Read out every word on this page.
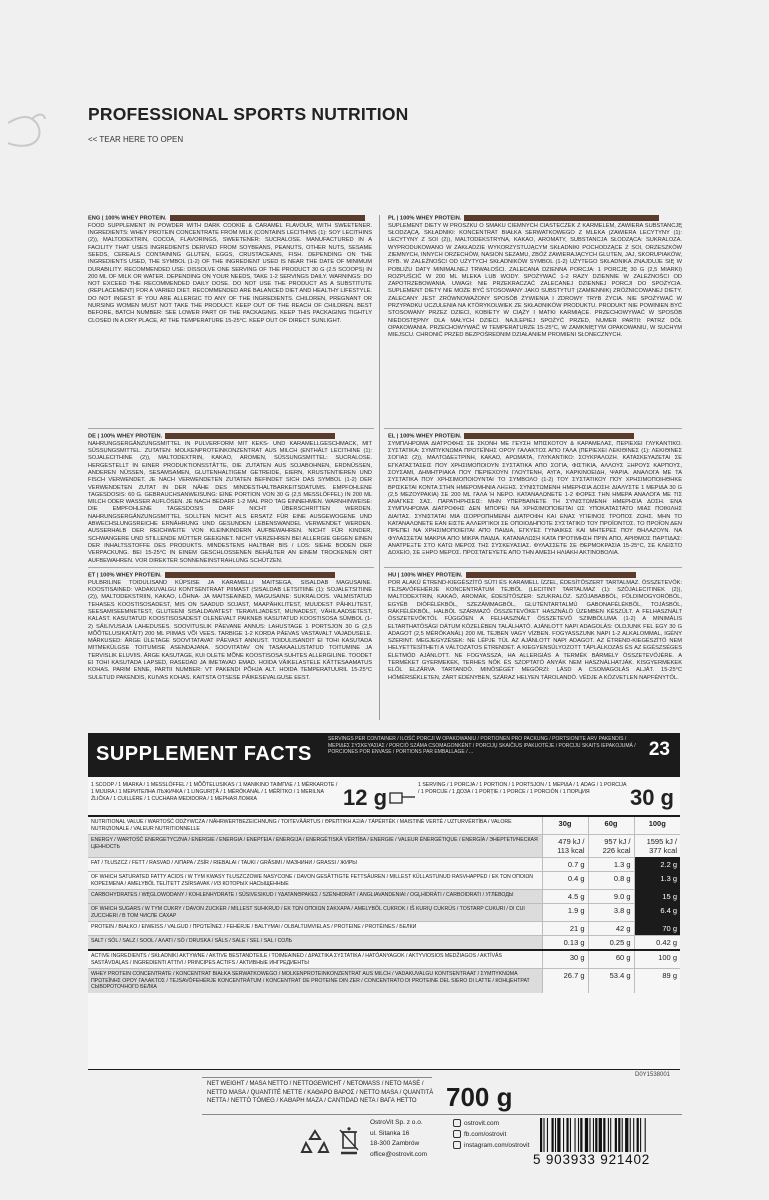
PROFESSIONAL SPORTS NUTRITION
<< TEAR HERE TO OPEN
ENG | 100% WHEY PROTEIN.
FOOD SUPPLEMENT IN POWDER WITH DARK COOKIE & CARAMEL FLAVOUR, WITH SWEETENER. INGREDIENTS: WHEY PROTEIN CONCENTRATE FROM MILK (CONTAINS LECITHINS (1): SOY LECITHINS (2)), MALTODEXTRIN, COCOA, FLAVORINGS, SWEETENER: SUCRALOSE. MANUFACTURED IN A FACILITY THAT USES INGREDIENTS DERIVED FROM SOYBEANS, PEANUTS, OTHER NUTS, SESAME SEEDS, CEREALS CONTAINING GLUTEN, EGGS, CRUSTACEANS, FISH. DEPENDING ON THE INGREDIENTS USED, THE SYMBOL (1-2) OF THE INGREDIENT USED IS NEAR THE DATE OF MINIMUM DURABILITY. RECOMMENDED USE: DISSOLVE ONE SERVING OF THE PRODUCT 30 G (2.5 SCOOPS) IN 200 ML OF MILK OR WATER. DEPENDING ON YOUR NEEDS, TAKE 1-2 SERVINGS DAILY. WARNINGS: DO NOT EXCEED THE RECOMMENDED DAILY DOSE. DO NOT USE THE PRODUCT AS A SUBSTITUTE (REPLACEMENT) FOR A VARIED DIET. RECOMMENDED ARE BALANCED DIET AND HEALTHY LIFESTYLE. DO NOT INGEST IF YOU ARE ALLERGIC TO ANY OF THE INGREDIENTS. CHILDREN, PREGNANT OR NURSING WOMEN MUST NOT TAKE THE PRODUCT. KEEP OUT OF THE REACH OF CHILDREN. BEST BEFORE, BATCH NUMBER: SEE LOWER PART OF THE PACKAGING. KEEP THIS PACKAGING TIGHTLY CLOSED IN A DRY PLACE, AT THE TEMPERATURE 15-25°C. KEEP OUT OF DIRECT SUNLIGHT.
PL | 100% WHEY PROTEIN.
SUPLEMENT DIETY W PROSZKU O SMAKU CIEMNYCH CIASTECZEK Z KARMELEM, ZAWIERA SUBSTANCJĘ SŁODZĄCĄ. SKŁADNIKI: KONCENTRAT BIAŁKA SERWATKOWEGO Z MLEKA (ZAWIERA LECYTYNY (1): LECYTYNY Z SOI (2)), MALTODEKSTRYNA, KAKAO, AROMATY, SUBSTANCJA SŁODZĄCA: SUKRALOZA. WYPRODUKOWANO W ZAKŁADZIE WYKORZYSTUJĄCYM SKŁADNIKI POCHODZĄCE Z SOI, ORZESZKÓW ZIEMNYCH, INNYCH ORZECHÓW, NASION SEZAMU, ZBÓŻ ZAWIERAJĄCYCH GLUTEN, JAJ, SKORUPIAKÓW, RYB. W ZALEŻNOŚCI OD UŻYTYCH SKŁADNIKÓW SYMBOL (1-2) UŻYTEGO SKŁADNIKA ZNAJDUJE SIĘ W POBLIŻU DATY MINIMALNEJ TRWAŁOŚCI. ZALECANA DZIENNA PORCJA: 1 PORCJĘ 30 G (2,5 MIARKI) ROZPUŚCIĆ W 200 ML MLEKA LUB WODY. SPOŻYWAĆ 1-2 RAZY DZIENNIE W ZALEŻNOŚCI OD ZAPOTRZEBOWANIA. UWAGI: NIE PRZEKRACZAĆ ZALECANEJ DZIENNEJ PORCJI DO SPOŻYCIA. SUPLEMENT DIETY NIE MOŻE BYĆ STOSOWANY JAKO SUBSTYTUT (ZAMIENNIK) ZRÓŻNICOWANEJ DIETY. ZALECANY JEST ZRÓWNOWAŻONY SPOSÓB ŻYWIENIA I ZDROWY TRYB ŻYCIA. NIE SPOŻYWAĆ W PRZYPADKU UCZULENIA NA KTÓRYKOLWIEK ZE SKŁADNIKÓW PRODUKTU. PRODUKT NIE POWINIEN BYĆ STOSOWANY PRZEZ DZIECI, KOBIETY W CIĄŻY I MATKI KARMIĄCE. PRZECHOWYWAĆ W SPOSÓB NIEDOSTĘPNY DLA MAŁYCH DZIECI. NAJLEPIEJ SPOŻYĆ PRZED, NUMER PARTII: PATRZ DÓŁ OPAKOWANIA. PRZECHOWYWAĆ W TEMPERATURZE 15-25°C, W ZAMKNIĘTYM OPAKOWANIU, W SUCHYM MIEJSCU. CHRONIĆ PRZED BEZPOŚREDNIM DZIAŁANIEM PROMIENI SŁONECZNYCH.
DE | 100% WHEY PROTEIN.
NAHRUNGSERGÄNZUNGSMITTEL IN PULVERFORM MIT KEKS- UND KARAMELLGESCHMACK, MIT SÜSSUNGSMITTEL. ZUTATEN: MOLKENPROTEINKONZENTRAT AUS MILCH (ENTHÄLT LECITHINE (1): SOJALECITHINE (2)), MALTODEXTRIN, KAKAO, AROMEN, SÜSSUNGSMITTEL: SUCRALOSE. HERGESTELLT IN EINER PRODUKTIONSSTÄTTE, DIE ZUTATEN AUS SOJABOHNEN, ERDNÜSSEN, ANDEREN NÜSSEN, SESAMSAMEN, GLUTENHALTIGEM GETREIDE, EIERN, KRUSTENTIEREN UND FISCH VERWENDET. JE NACH VERWENDETEN ZUTATEN BEFINDET SICH DAS SYMBOL (1-2) DER VERWENDETEN ZUTAT IN DER NÄHE DES MINDESTHALTBARKEITSDATUMS. EMPFOHLENE TAGESDOSIS: 60 G. GEBRAUCHSANWEISUNG: EINE PORTION VON 30 G (2,5 MESSLÖFFEL) IN 200 ML MILCH ODER WASSER AUFLÖSEN. JE NACH BEDARF 1-2 MAL PRO TAG EINNEHMEN. WARNHINWEISE: DIE EMPFOHLENE TAGESDOSIS DARF NICHT ÜBERSCHRITTEN WERDEN. NAHRUNGSERGÄNZUNGSMITTEL SOLLTEN NICHT ALS ERSATZ FÜR EINE AUSGEWOGENE UND ABWECHSLUNGSREICHE ERNÄHRUNG UND GESUNDEN LEBENSWANDEL VERWENDET WERDEN. AUSSERHALB DER REICHWEITE VON KLEINKINDERN AUFBEWAHREN. NICHT FÜR KINDER, SCHWANGERE UND STILLENDE MÜTTER GEEIGNET. NICHT VERZEHREN BEI ALLERGIE GEGEN EINEN DER INHALTSSTOFFE DES PRODUKTS. MINDESTENS HALTBAR BIS / LOS: SIEHE BODEN DER VERPACKUNG. BEI 15-25°C IN EINEM GESCHLOSSENEN BEHÄLTER AN EINEM TROCKENEN ORT AUFBEWAHREN. VOR DIREKTER SONNENEINSTRAHLUNG SCHÜTZEN.
EL | 100% WHEY PROTEIN.
ΣΥΜΠΛΗΡΩΜΑ ΔΙΑΤΡΟΦΗΣ ΣΕ ΣΚΟΝΗ ΜΕ ΓΕΥΣΗ ΜΠΙΣΚΟΤΟΥ & ΚΑΡΑΜΕΛΑΣ, ΠΕΡΙΕΧΕΙ ΓΛΥΚΑΝΤΙΚΟ. ΣΥΣΤΑΤΙΚΑ: ΣΥΜΠΥΚΝΩΜΑ ΠΡΩΤΕΪΝΗΣ ΟΡΟΥ ΓΑΛΑΚΤΟΣ ΑΠΟ ΓΑΛΑ (ΠΕΡΙΕΧΕΙ ΛΕΚΙΘΙΝΕΣ (1): ΛΕΚΙΘΙΝΕΣ ΣΟΓΙΑΣ (2)), ΜΑΛΤΟΔΕΞΤΡΙΝΗ, ΚΑΚΑΟ, ΑΡΩΜΑΤΑ, ΓΛΥΚΑΝΤΙΚΟ: ΣΟΥΚΡΑΛΟΖΗ. ΚΑΤΑΣΚΕΥΑΖΕΤΑΙ ΣΕ ΕΓΚΑΤΑΣΤΑΣΕΙΣ ΠΟΥ ΧΡΗΣΙΜΟΠΟΙΟΥΝ ΣΥΣΤΑΤΙΚΑ ΑΠΟ ΣΟΓΙΑ, ΦΙΣΤΙΚΙΑ, ΑΛΛΟΥΣ ΞΗΡΟΥΣ ΚΑΡΠΟΥΣ, ΣΟΥΣΑΜΙ, ΔΗΜΗΤΡΙΑΚΑ ΠΟΥ ΠΕΡΙΕΧΟΥΝ ΓΛΟΥΤΕΝΗ, ΑΥΓΑ, ΚΑΡΚΙΝΟΕΙΔΗ, ΨΑΡΙΑ. ΑΝΑΛΟΓΑ ΜΕ ΤΑ ΣΥΣΤΑΤΙΚΑ ΠΟΥ ΧΡΗΣΙΜΟΠΟΙΟΥΝΤΑΙ ΤΟ ΣΥΜΒΟΛΟ (1-2) ΤΟΥ ΣΥΣΤΑΤΙΚΟΥ ΠΟΥ ΧΡΗΣΙΜΟΠΟΙΗΘΗΚΕ ΒΡΙΣΚΕΤΑΙ ΚΟΝΤΑ ΣΤΗΝ ΗΜΕΡΟΜΗΝΙΑ ΛΗΞΗΣ. ΣΥΝΙΣΤΩΜΕΝΗ ΗΜΕΡΗΣΙΑ ΔΟΣΗ: ΔΙΑΛΥΣΤΕ 1 ΜΕΡΙΔΑ 30 G (2,5 ΜΕΖΟΥΡΑΚΙΑ) ΣΕ 200 ML ΓΑΛΑ Ή ΝΕΡΟ. ΚΑΤΑΝΑΛΩΝΕΤΕ 1-2 ΦΟΡΕΣ ΤΗΝ ΗΜΕΡΑ ΑΝΑΛΟΓΑ ΜΕ ΤΙΣ ΑΝΑΓΚΕΣ ΣΑΣ. ΠΑΡΑΤΗΡΗΣΕΙΣ: ΜΗΝ ΥΠΕΡΒΑΙΝΕΤΕ ΤΗ ΣΥΝΙΣΤΩΜΕΝΗ ΗΜΕΡΗΣΙΑ ΔΟΣΗ. ΕΝΑ ΣΥΜΠΛΗΡΩΜΑ ΔΙΑΤΡΟΦΗΣ ΔΕΝ ΜΠΟΡΕΙ ΝΑ ΧΡΗΣΙΜΟΠΟΙΕΙΤΑΙ ΩΣ ΥΠΟΚΑΤΑΣΤΑΤΟ ΜΙΑΣ ΠΟΙΚΙΛΗΣ ΔΙΑΙΤΑΣ. ΣΥΝΙΣΤΑΤΑΙ ΜΙΑ ΙΣΟΡΡΟΠΗΜΕΝΗ ΔΙΑΤΡΟΦΗ ΚΑΙ ΕΝΑΣ ΥΓΙΕΙΝΟΣ ΤΡΟΠΟΣ ΖΩΗΣ. ΜΗΝ ΤΟ ΚΑΤΑΝΑΛΩΝΕΤΕ ΕΑΝ ΕΙΣΤΕ ΑΛΛΕΡΓΙΚΟΙ ΣΕ ΟΠΟΙΟΔΗΠΟΤΕ ΣΥΣΤΑΤΙΚΟ ΤΟΥ ΠΡΟΪΟΝΤΟΣ. ΤΟ ΠΡΟΪΟΝ ΔΕΝ ΠΡΕΠΕΙ ΝΑ ΧΡΗΣΙΜΟΠΟΙΕΙΤΑΙ ΑΠΟ ΠΑΙΔΙΑ, ΕΓΚΥΕΣ ΓΥΝΑΙΚΕΣ ΚΑΙ ΜΗΤΕΡΕΣ ΠΟΥ ΘΗΛΑΖΟΥΝ. ΝΑ ΦΥΛΑΣΣΕΤΑΙ ΜΑΚΡΙΑ ΑΠΟ ΜΙΚΡΑ ΠΑΙΔΙΑ. ΚΑΤΑΝΑΛΩΣΗ ΚΑΤΑ ΠΡΟΤΙΜΗΣΗ ΠΡΙΝ ΑΠΟ, ΑΡΙΘΜΟΣ ΠΑΡΤΙΔΑΣ: ΑΝΑΤΡΕΞΤΕ ΣΤΟ ΚΑΤΩ ΜΕΡΟΣ ΤΗΣ ΣΥΣΚΕΥΑΣΙΑΣ. ΦΥΛΑΣΣΕΤΕ ΣΕ ΘΕΡΜΟΚΡΑΣΙΑ 15-25°C, ΣΕ ΚΛΕΙΣΤΟ ΔΟΧΕΙΟ, ΣΕ ΞΗΡΟ ΜΕΡΟΣ. ΠΡΟΣΤΑΤΕΥΕΤΕ ΑΠΟ ΤΗΝ ΑΜΕΣΗ ΗΛΙΑΚΗ ΑΚΤΙΝΟΒΟΛΙΑ.
ET | 100% WHEY PROTEIN.
PULBRILINE TOIDULISAND KÜPSISE JA KARAMELLI MAITSEGA, SISALDAB MAGUSAINE. KOOSTISAINED: VADAKUVALGU KONTSENTRAAT PIIMAST (SISALDAB LETSITIINE (1): SOJALETSITIINE (2)), MALTODEKSTRIIN, KAKAO, LÕHNA- JA MAITSEAINED, MAGUSAINE: SUKRALOOS. VALMISTATUD TEHASES KOOSTISOSADEST, MIS ON SAADUD SOJAST, MAAPÄHKLITEST, MUUDEST PÄHKLITEST, SEESAMISEEMNETEST, GLUTEENI SISALDAVATEST TERAVILJADEST, MUNADEST, VÄHILAADSETEST, KALAST. KASUTATUD KOOSTISOSADEST OLENEVALT PAIKNEB KASUTATUD KOOSTISOSA SÜMBOL (1-2) SÄILIVUSAJA LAHEDUSES. SOOVITUSLIK PÄEVANE ANNUS: LAHUSTAGE 1 PORTSJON 30 G (2,5 MÕÕTELUSIKATÄIT) 200 ML PIIMAS VÕI VEES. TARBIGE 1-2 KORDA PÄEVAS VASTAVALT VAJADUSELE. MÄRKUSED: ÄRGE ÜLETAGE SOOVITATAVAT PÄEVAST ANNUST. TOIDULISANDIT EI TOHI KASUTADA MITMEKÜLGSE TOITUMISE ASENDAJANA. SOOVITATAV ON TASAKAALUSTATUD TOITUMINE JA TERVISLIK ELUVIIS. ÄRGE KASUTAGE, KUI OLETE MÕNE KOOSTISOSA SUHTES ALLERGILINE. TOODET EI TOHI KASUTADA LAPSED, RASEDAD JA IMETAVAD EMAD. HOIDA VÄIKELASTELE KÄTTESAAMATUS KOHAS. PARIM ENNE, PARTII NUMBER: VT PAKENDI PÕHJA ALT. HOIDA TEMPERATUURIL 15-25°C SULETUD PAKENDIS, KUIVAS KOHAS. KAITSTA OTSESE PÄIKESEVALGUSE EEST.
HU | 100% WHEY PROTEIN.
POR ALAKÚ ÉTREND-KIEGÉSZÍTŐ SÜTI ÉS KARAMELL ÍZZEL, ÉDESÍTŐSZERT TARTALMAZ. ÖSSZETEVŐK: TEJSAVÓFEHÉRJE KONCENTRÁTUM TEJBŐL (LECITINT TARTALMAZ (1): SZÓJALECITINEK (2)), MALTODEXTRIN, KAKAÓ, AROMÁK, ÉDESÍTŐSZER: SZUKRALÓZ. SZÓJABABBÓL, FÖLDIMOGYORÓBÓL, EGYÉB DIÓFÉLÉKBŐL, SZEZÁMMAGBÓL, GLUTÉNTARTALMÚ GABONAFÉLÉKBŐL, TOJÁSBÓL, RÁKFÉLÉKBŐL, HALBÓL SZÁRMAZÓ ÖSSZETEVŐKET HASZNÁLÓ ÜZEMBEN KÉSZÜLT. A FELHASZNÁLT ÖSSZETEVŐKTŐL FÜGGŐEN A FELHASZNÁLT ÖSSZETEVŐ SZIMBÓLUMA (1-2) A MINIMÁLIS ELTARTHATÓSÁGI DÁTUM KÖZELÉBEN TALÁLHATÓ. AJÁNLOTT NAPI ADAGOLÁS: OLDJUNK FEL EGY 30 G ADAGOT (2,5 MÉRŐKANÁL) 200 ML TEJBEN VAGY VÍZBEN. FOGYASSZUNK NAPI 1-2 ALKALOMMAL, IGÉNY SZERINT. MEGJEGYZÉSEK: NE LÉPJE TÚL AZ AJÁNLOTT NAPI ADAGOT. AZ ÉTREND-KIEGÉSZÍTŐ NEM HELYETTESÍTHETI A VÁLTOZATOS ÉTRENDET. A KIEGYENSÚLYOZOTT TÁPLÁLKOZÁS ÉS AZ EGÉSZSÉGES ÉLETMÓD AJÁNLOTT. NE FOGYASSZA, HA ALLERGIÁS A TERMÉK BÁRMELY ÖSSZETEVŐJÉRE. A TERMÉKET GYERMEKEK, TERHES NŐK ÉS SZOPTATÓ ANYÁK NEM HASZNÁLHATJÁK. KISGYERMEKEK ELŐL ELZÁRVA TARTANDÓ. MINŐSÉGÉT MEGŐRZI: LÁSD A CSOMAGOLÁS ALJÁT. 15-25°C HŐMÉRSÉKLETEN, ZÁRT EDÉNYBEN, SZÁRAZ HELYEN TÁROLANDÓ. VÉDJE A KÖZVETLEN NAPFÉNYTŐL.
SUPPLEMENT FACTS
SERVINGS PER CONTAINER / ILOŚĆ PORCJI W OPAKOWANIU / PORTIONEN PRO PACKUNG / PORTSIONITE ARV PAKENDIS / ΜΕΡΙΔΕΣ ΣΥΣΚΕΥΑΣΙΑΣ / PORCIÓ SZÁMA CSOMAGONKÉNT / PORCIJŲ SKAIČIUS IPAKUOTĖJE / PORCIJU SKAITS IEPAKOJUMĀ / PORCIONES POR ENVASE / PORTIONS PAR EMBALLAGE / ...	23
1 SCOOP / 1 MIARKA / 1 MESSLÖFFEL / 1 MÕÕTELUSIKAS / 1 ΜΑΝΙΚΙΝΟ ΤΑΙΜΠΛΕ / 1 MĒRKAROTE / 1 MIJURA / 1 МЕРИТЕЛНА ЛЪЖИЧКА / 1 LINGURIȚĂ / 1 MÉRŐKANÁL / 1 MĚŘÍTKO / 1 MERILNA ŽLIČKA / 1 CUILLÈRE / 1 CUCHARA MEDIDORA / 1 МЕРНАЯ ЛОЖКА	12 g	1 SERVING / 1 PORCJA / 1 PORTION / 1 PORTSJON / 1 ΜΕΡΙΔΑ / 1 ADAG / 1 PORCIJA / 1 PORCIJE / 1 ДОЗА / 1 PORȚIE / 1 PORCE / 1 PORCIÓN / 1 ПОРЦИЯ	30 g
NUTRITIONAL VALUE / WARTOŚĆ ODŻYWCZA / NÄHRWERTBEZEICHNUNG / TOITEVÄÄRTUS / ΘΡΕΠΤΙΚΗ ΑΞΙΑ / TÁPÉRTÉK / MAISTINĖ VERTĖ / UZTURVĒRTĪBA / VALORE NUTRIZIONALE / VALEUR NUTRITIONNELLE	30g	60g	100g
ENERGY / WARTOŚĆ ENERGETYCZNA / ENERGIE / ENERGIA / ΕΝΕΡΓΕΙΑ / ENERGIJA / ENERGĒTISKĀ VĒRTĪBA / ENERGIE / VALEUR ÉNERGÉTIQUE / ENERGÍA / ЭНЕРГЕТИЧЕСКАЯ ЦЕННОСТЬ	479 kJ / 113 kcal	957 kJ / 226 kcal	1595 kJ / 377 kcal
FAT / TŁUSZCZ / FETT / RASVAD / ΛΙΠΑΡΑ / ZSÍR / RIEBALAI / TAUKI / GRĂSIMI / МАЗНИНИ / GRASSI / ЖИРЫ	0.7 g	1.3 g	2.2 g
OF WHICH SATURATED FATTY ACIDS / W TYM KWASY TŁUSZCZOWE NASYCONE / DAVON GESÄTTIGTE FETTSÄUREN / MILLEST KÜLLASTUNUD RASVHAPPED / ΕΚ ΤΩΝ ΟΠΟΙΩΝ ΚΟΡΕΣΜΕΝΑ / AMELYBŐL TELÍTETT ZSÍRSAVAK / ИЗ КОТОРЫХ НАСЫЩЕННЫЕ	0.4 g	0.8 g	1.3 g
CARBOHYDRATES / WĘGLOWODANY / KOHLENHYDRATE / SÜSIVESIKUD / ΥΔΑΤΑΝΘΡΑΚΕΣ / SZÉNHIDRÁT / ANGLIAVANDENIAI / OGĻHIDRĀTI / CARBOIDRATI / УГЛЕВОДЫ	4.5 g	9.0 g	15 g
OF WHICH SUGARS / W TYM CUKRY / DAVON ZUCKER / MILLEST SUHKRUD / ΕΚ ΤΩΝ ΟΠΟΙΩΝ ΣΑΚΧΑΡΑ / AMELYBŐL CUKROK / IŠ KURIŲ CUKRŪS / TOSTARP CUKURI / DI CUI ZUCCHERI / В ТОМ ЧИСЛЕ САХАР	1.9 g	3.8 g	6.4 g
PROTEIN / BIAŁKO / EIWEISS / VALGUD / ΠΡΩΤΕΪΝΕΣ / FEHÉRJE / BALTYMAI / OLBALTUMVIELAS / PROTEINE / PROTÉINES / БЕЛКИ	21 g	42 g	70 g
SALT / SÓL / SALZ / SOOL / ΑΛΑΤΙ / SÓ / DRUSKA / SĀLS / SALE / SEL / SAL / СОЛЬ	0.13 g	0.25 g	0.42 g
ACTIVE INGREDIENTS / SKŁADNIKI AKTYWNE / AKTIVE BESTANDTEILE / TOIMEAINED / ΔΡΑΣΤΙΚΑ ΣΥΣΤΑΤΙΚΑ / HATÓANYAGOK / AKTYVIOSIOS MEDŽIAGOS / AKTĪVĀS SASTĀVDAĻAS / INGREDIENTI ATTIVI / PRINCIPES ACTIFS / АКТИВНЫЕ ИНГРЕДИЕНТЫ	30 g	60 g	100 g
WHEY PROTEIN CONCENTRATE / KONCENTRAT BIAŁKA SERWATKOWEGO / MOLKENPROTEINKONZENTRAT AUS MILCH / VADAKUVALGU KONTSENTRAAT / ΣΥΜΠΥΚΝΩΜΑ ΠΡΩΤΕΪΝΗΣ ΟΡΟΥ ΓΑΛΑΚΤΟΣ / TEJSAVÓFEHÉRJE KONCENTRÁTUM / KONCENTRAT DE PROTEINE DIN ZER / CONCENTRATO DI PROTEINE DEL SIERO DI LATTE / КОНЦЕНТРАТ СЫВОРОТОЧНОГО БЕЛКА	26.7 g	53.4 g	89 g
D0Y1538001
NET WEIGHT / MASA NETTO / NETTOGEWICHT / NETOMASS / NETO MASĖ / NETTO MASA / QUANTITÉ NETTE / ΚΑΘΑΡΟ ΒΑΡΟΣ / NETTO MASA / QUANTITÀ NETTA / NETTÓ TÖMEG / ΚΑΘΑΡΗ ΜΑΖΑ / CANTIDAD NETA / ВАГА НЕТТО	700 g
OstroVit Sp. z o.o.
ul. Sitanka 16
18-300 Zambrów
office@ostrovit.com
ostrovit.com
fb.com/ostrovit
instagram.com/ostrovit
5 903933 921402
